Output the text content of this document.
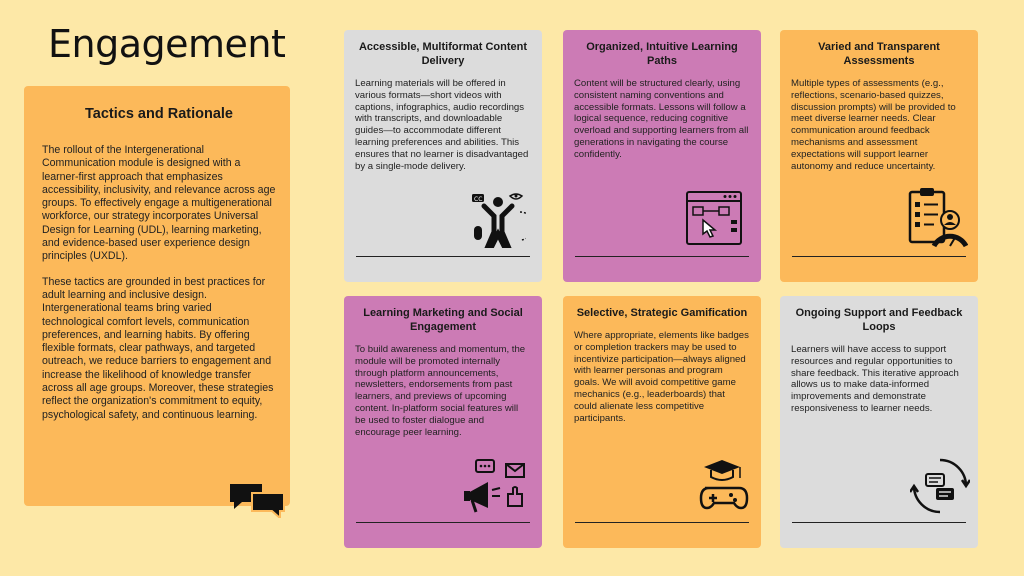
Engagement
Tactics and Rationale

The rollout of the Intergenerational Communication module is designed with a learner-first approach that emphasizes accessibility, inclusivity, and relevance across age groups. To effectively engage a multigenerational workforce, our strategy incorporates Universal Design for Learning (UDL), learning marketing, and evidence-based user experience design principles (UXDL).

These tactics are grounded in best practices for adult learning and inclusive design. Intergenerational teams bring varied technological comfort levels, communication preferences, and learning habits. By offering flexible formats, clear pathways, and targeted outreach, we reduce barriers to engagement and increase the likelihood of knowledge transfer across all age groups. Moreover, these strategies reflect the organization's commitment to equity, psychological safety, and continuous learning.

Accessible, Multiformat Content Delivery

Learning materials will be offered in various formats—short videos with captions, infographics, audio recordings with transcripts, and downloadable guides—to accommodate different learning preferences and abilities. This ensures that no learner is disadvantaged by a single-mode delivery.

CC
Organized, Intuitive Learning Paths

Content will be structured clearly, using consistent naming conventions and accessible formats. Lessons will follow a logical sequence, reducing cognitive overload and supporting learners from all generations in navigating the course confidently.

Varied and Transparent Assessments

Multiple types of assessments (e.g., reflections, scenario-based quizzes, discussion prompts) will be provided to meet diverse learner needs. Clear communication around feedback mechanisms and assessment expectations will support learner autonomy and reduce uncertainty.

Learning Marketing and Social Engagement

To build awareness and momentum, the module will be promoted internally through platform announcements, newsletters, endorsements from past learners, and previews of upcoming content. In-platform social features will be used to foster dialogue and encourage peer learning.

Selective, Strategic Gamification

Where appropriate, elements like badges or completion trackers may be used to incentivize participation—always aligned with learner personas and program goals. We will avoid competitive game mechanics (e.g., leaderboards) that could alienate less competitive participants.

Ongoing Support and Feedback Loops

Learners will have access to support resources and regular opportunities to share feedback. This iterative approach allows us to make data-informed improvements and demonstrate responsiveness to learner needs.
